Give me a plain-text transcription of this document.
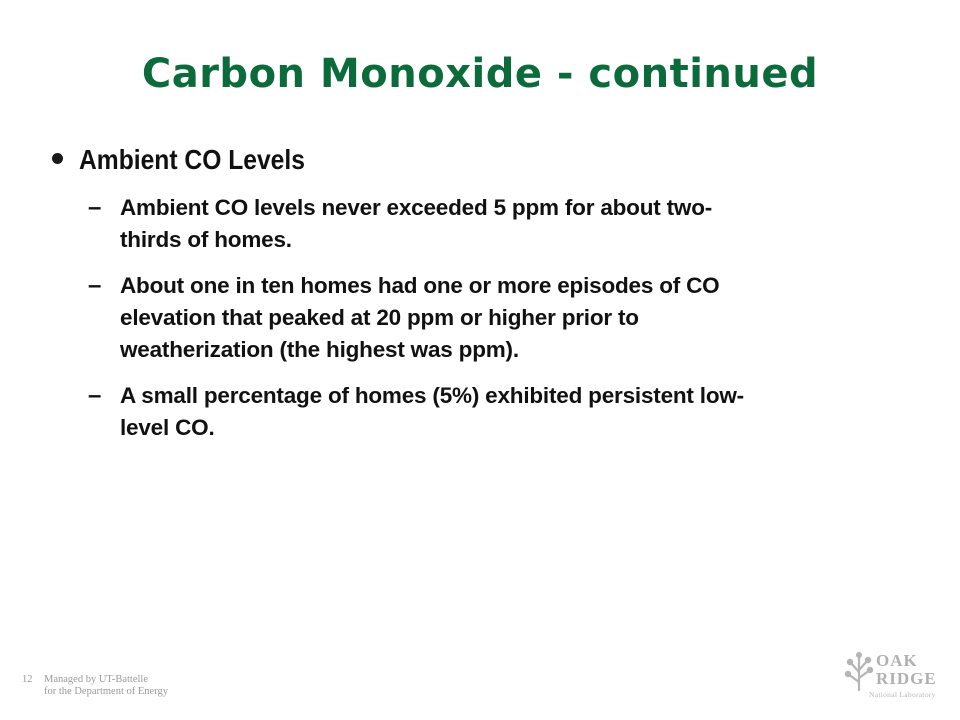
Carbon Monoxide - continued
Ambient CO Levels
– Ambient CO levels never exceeded 5 ppm for about two-
thirds of homes.
– About one in ten homes had one or more episodes of CO
elevation that peaked at 20 ppm or higher prior to
weatherization (the highest was ppm).
– A small percentage of homes (5%) exhibited persistent low-
level CO.
12 Managed by UT-Battelle
for the Department of Energy
OAK
RIDGE
National Laboratory
